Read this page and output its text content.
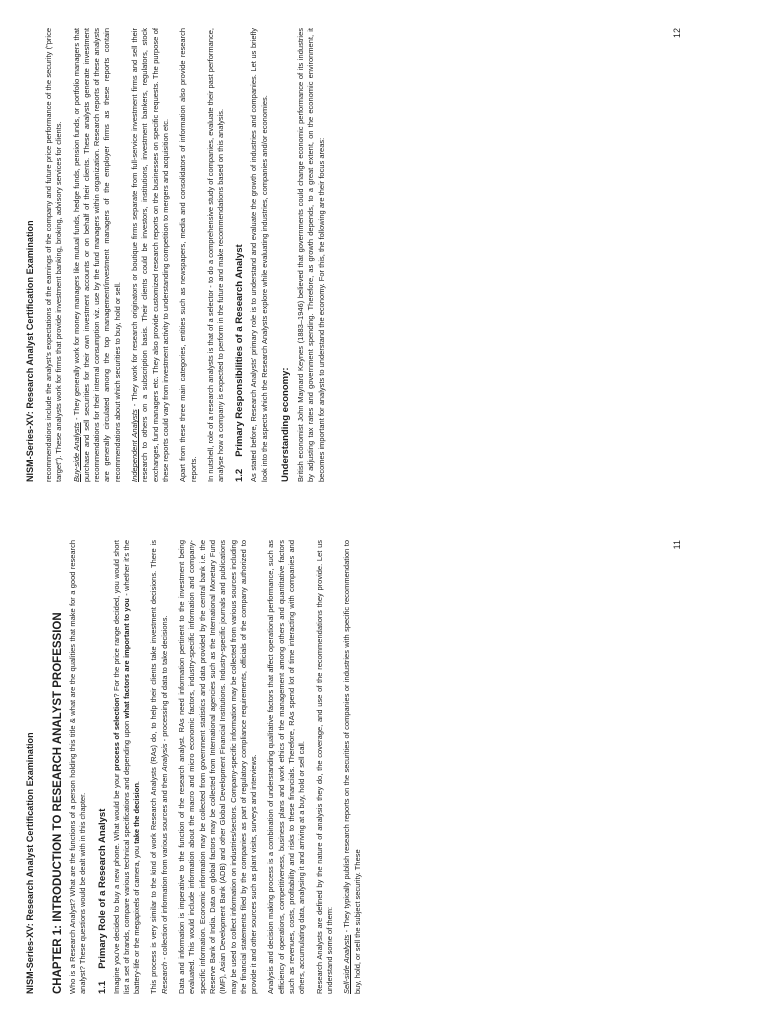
NISM-Series-XV: Research Analyst Certification Examination CHAPTER 1: INTRODUCTION TO RESEARCH ANALYST PROFESSION Who is a Research Analyst? What are the functions of a person holding this title & what are the qualities that make for a good research analyst? These questions would be dealt with in this chapter. 1.1Primary Role of a Research Analyst Imagine you've decided to buy a new phone. What would be your process of selection? For the price range decided, you would short list a set of brands, compare various technical specifications and depending upon what factors are important to you - whether it's the battery-life or the megapixels of camera, you take the decision. This process is very similar to the kind of work Research Analysts (RAs) do, to help their clients take investment decisions. There is Research - collection of information from various sources and then Analysis - processing of data to take decisions. Data and information is imperative to the function of the research analyst. RAs need information pertinent to the investment being evaluated. This would include information about the macro and micro economic factors, industry-specific information and company-specific information. Economic information may be collected from government statistics and data provided by the central bank i.e. the Reserve Bank of India. Data on global factors may be collected from International agencies such as the International Monetary Fund (IMF), Asian Development Bank (ADB) and other Global Development Financial Institutions. Industry-specific journals and publications may be used to collect information on industries/sectors. Company-specific information may be collected from various sources including the financial statements filed by the companies as part of regulatory compliance requirements, officials of the company authorized to provide it and other sources such as plant visits, surveys and interviews. Analysis and decision making process is a combination of understanding qualitative factors that affect operational performance, such as efficiency of operations, competitiveness, business plans and work ethics of the management among others and quantitative factors such as revenues, costs, profitability and risks to these financials. Therefore, RAs spend lot of time interacting with companies and others, accumulating data, analysing it and arriving at a buy, hold or sell call. Research Analysts are defined by the nature of analysis they do, the coverage, and use of the recommendations they provide. Let us understand some of them: Sell-side Analysts - They typically publish research reports on the securities of companies or industries with specific recommendation to buy, hold, or sell the subject security. These

11
NISM-Series-XV: Research Analyst Certification Examination recommendations include the analyst's expectations of the earnings of the company and future price performance of the security ("price target"). These analysts work for firms that provide investment banking, broking, advisory services for clients. Buy-side Analysts - They generally work for money managers like mutual funds, hedge funds, pension funds, or portfolio managers that purchase and sell securities for their own investment accounts or on behalf of their clients. These analysts generate investment recommendations for their internal consumption viz. use by the fund managers within organization. Research reports of these analysts are generally circulated among the top management/investment managers of the employer firms as these reports contain recommendations about which securities to buy, hold or sell. Independent Analysts - They work for research originators or boutique firms separate from full-service investment firms and sell their research to others on a subscription basis. Their clients could be investors, institutions, investment bankers, regulators, stock exchanges, fund managers etc. They also provide customized research reports on the businesses on specific requests. The purpose of these reports could vary from investment activity to understanding competition to mergers and acquisition etc. Apart from these three main categories, entities such as newspapers, media and consolidators of information also provide research reports. In nutshell, role of a research analysts is that of a selector - to do a comprehensive study of companies, evaluate their past performance, analyse how a company is expected to perform in the future and make recommendations based on this analysis. 1.2Primary Responsibilities of a Research Analyst As stated before, Research Analysts' primary role is to understand and evaluate the growth of industries and companies. Let us briefly look into the aspects which the Research Analysts explore while evaluating industries, companies and/or economies. Understanding economy: British economist John Maynard Keynes (1883–1946) believed that governments could change economic performance of its industries by adjusting tax rates and government spending. Therefore, as growth depends, to a great extent, on the economic environment, it becomes important for analysts to understand the economy. For this, the following are their focus areas:

12
